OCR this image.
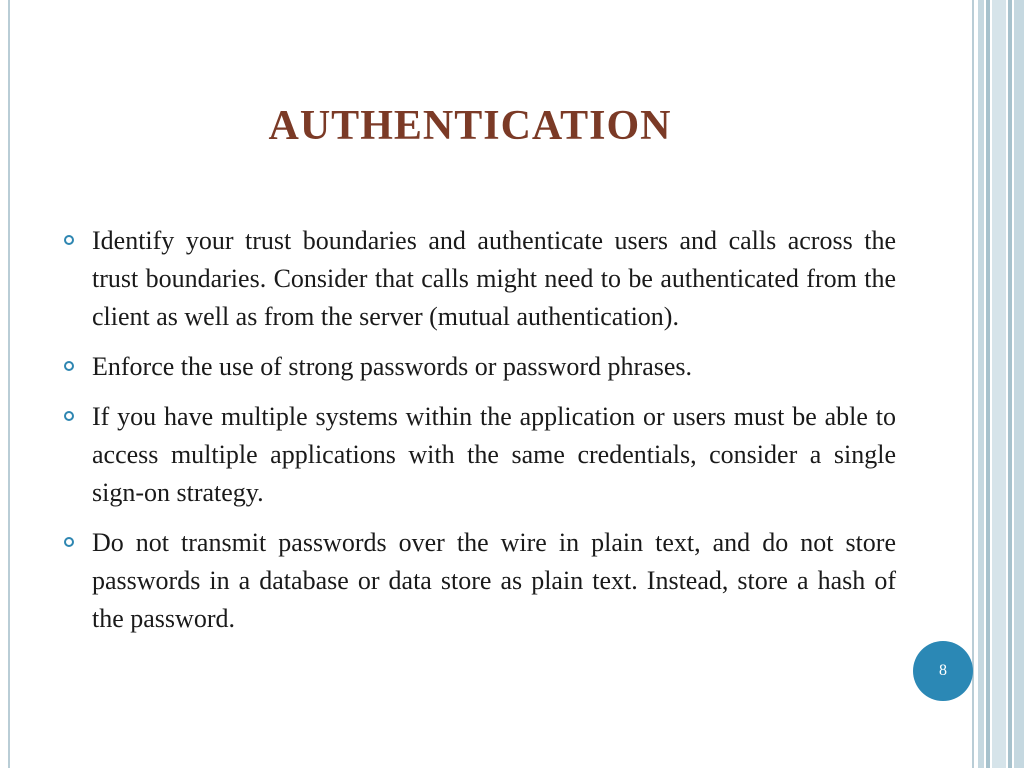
AUTHENTICATION
Identify your trust boundaries and authenticate users and calls across the trust boundaries. Consider that calls might need to be authenticated from the client as well as from the server (mutual authentication).
Enforce the use of strong passwords or password phrases.
If you have multiple systems within the application or users must be able to access multiple applications with the same credentials, consider a single sign-on strategy.
Do not transmit passwords over the wire in plain text, and do not store passwords in a database or data store as plain text. Instead, store a hash of the password.
8
